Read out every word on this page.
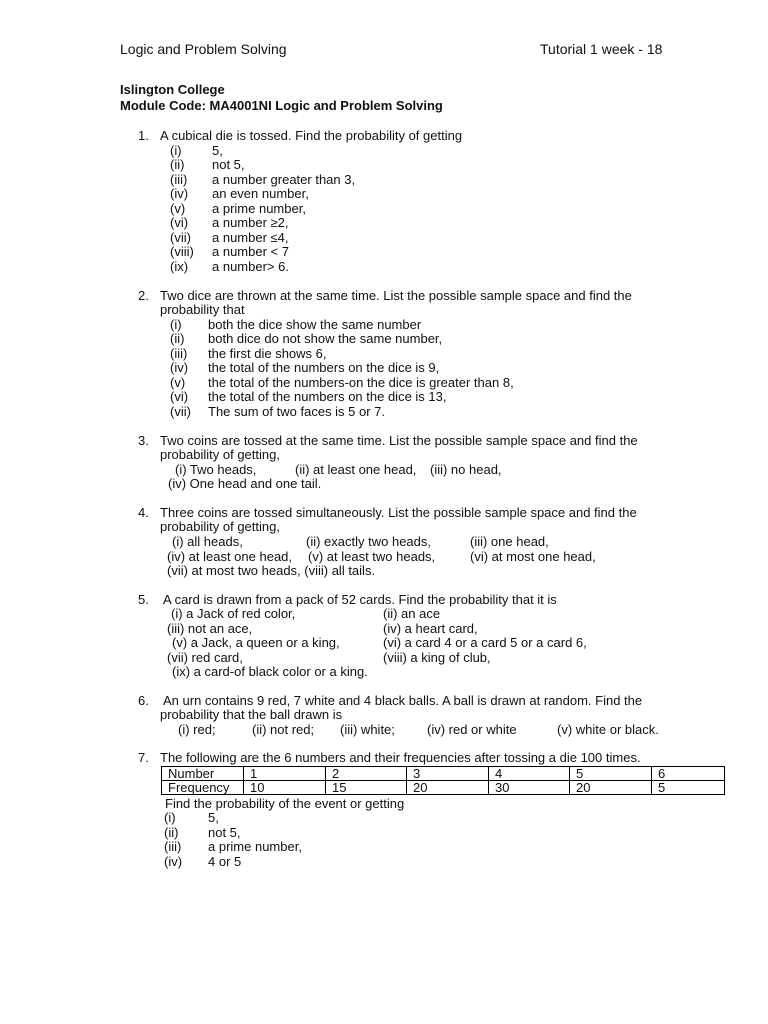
Logic and Problem Solving	Tutorial 1 week - 18
Islington College
Module Code: MA4001NI Logic and Problem Solving
1. A cubical die is tossed. Find the probability of getting
(i) 5,
(ii) not 5,
(iii) a number greater than 3,
(iv) an even number,
(v) a prime number,
(vi) a number ≥2,
(vii) a number ≤4,
(viii) a number < 7
(ix) a number> 6.
2. Two dice are thrown at the same time. List the possible sample space and find the
probability that
(i) both the dice show the same number
(ii) both dice do not show the same number,
(iii) the first die shows 6,
(iv) the total of the numbers on the dice is 9,
(v) the total of the numbers-on the dice is greater than 8,
(vi) the total of the numbers on the dice is 13,
(vii) The sum of two faces is 5 or 7.
3. Two coins are tossed at the same time. List the possible sample space and find the
probability of getting,
(i) Two heads,	(ii) at least one head, (iii) no head,
(iv) One head and one tail.
4. Three coins are tossed simultaneously. List the possible sample space and find the
probability of getting,
(i) all heads,	(ii) exactly two heads,	(iii) one head,
(iv) at least one head, (v) at least two heads,	(vi) at most one head,
(vii) at most two heads, (viii) all tails.
5. A card is drawn from a pack of 52 cards. Find the probability that it is
(i) a Jack of red color,	(ii) an ace
(iii) not an ace,	(iv) a heart card,
(v) a Jack, a queen or a king,	(vi) a card 4 or a card 5 or a card 6,
(vii) red card,	(viii) a king of club,
(ix) a card-of black color or a king.
6. An urn contains 9 red, 7 white and 4 black balls. A ball is drawn at random. Find the
probability that the ball drawn is
(i) red;	(ii) not red; (iii) white; (iv) red or white	(v) white or black.
7. The following are the 6 numbers and their frequencies after tossing a die 100 times.
Number	1	2	3	4	5	6
Frequency	10	15	20	30	20	5
Find the probability of the event or getting
(i) 5,
(ii) not 5,
(iii) a prime number,
(iv) 4 or 5
